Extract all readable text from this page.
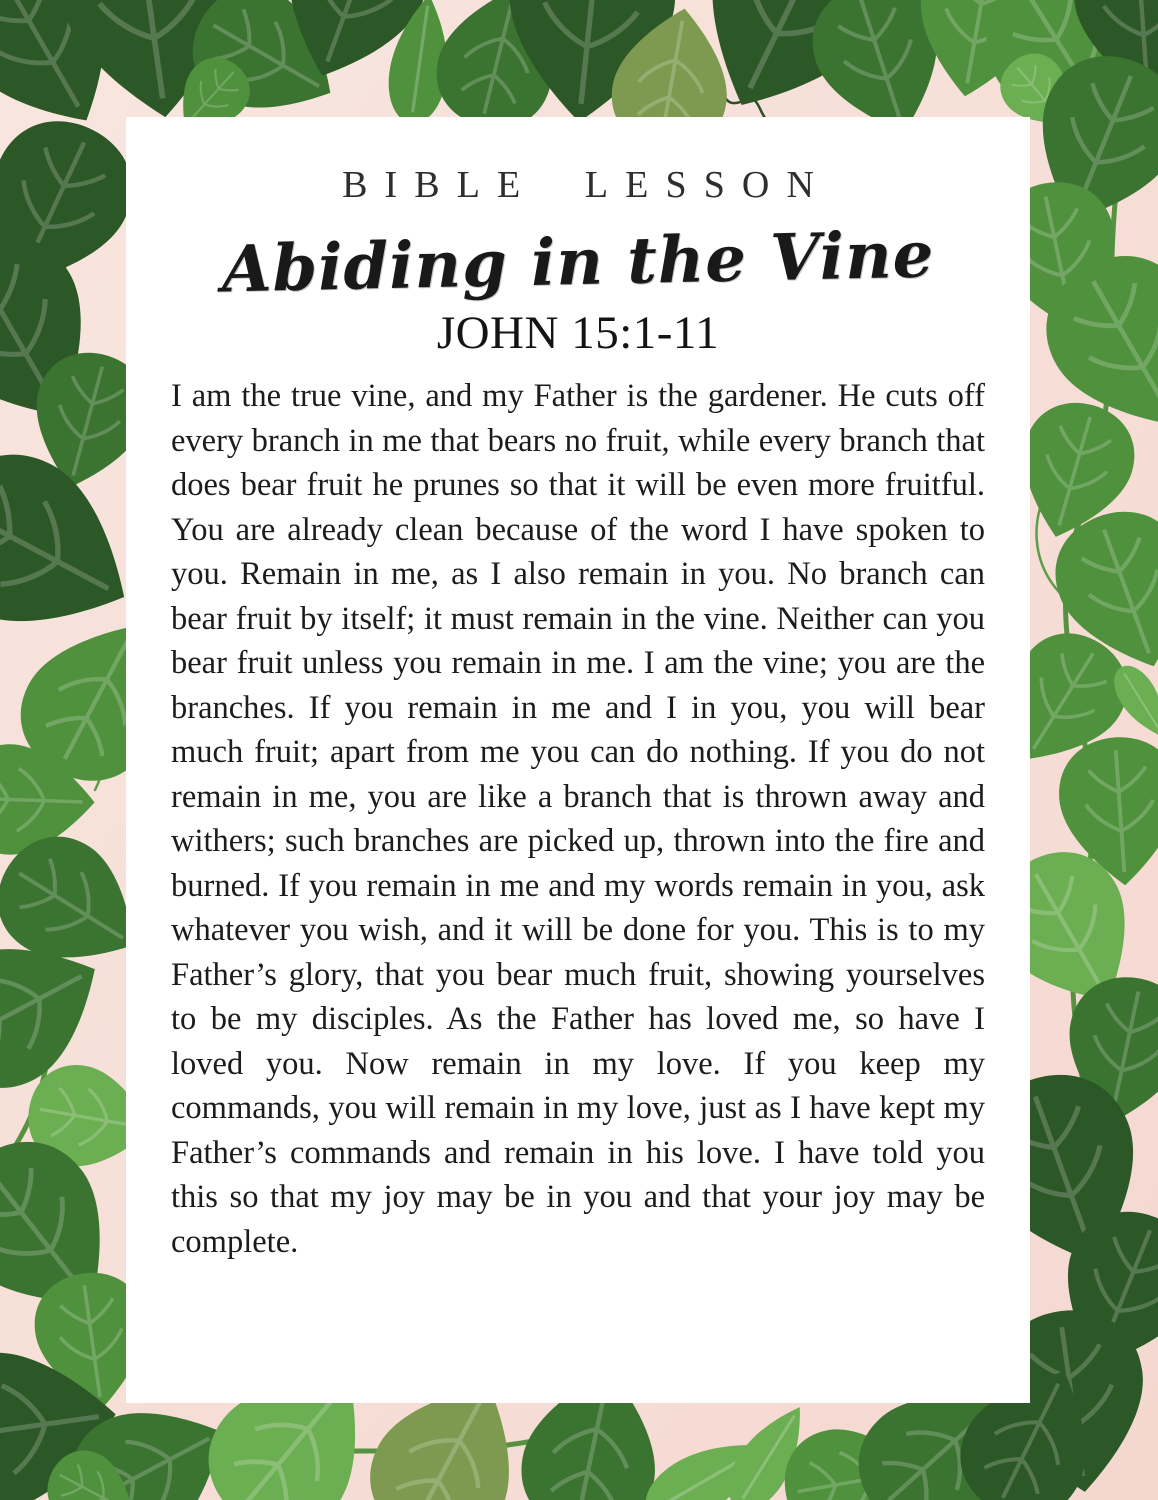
BIBLE LESSON
Abiding in the Vine
JOHN 15:1-11

I am the true vine, and my Father is the gardener. He cuts off every branch in me that bears no fruit, while every branch that does bear fruit he prunes so that it will be even more fruitful. You are already clean because of the word I have spoken to you. Remain in me, as I also remain in you. No branch can bear fruit by itself; it must remain in the vine. Neither can you bear fruit unless you remain in me. I am the vine; you are the branches. If you remain in me and I in you, you will bear much fruit; apart from me you can do nothing. If you do not remain in me, you are like a branch that is thrown away and withers; such branches are picked up, thrown into the fire and burned. If you remain in me and my words remain in you, ask whatever you wish, and it will be done for you. This is to my Father’s glory, that you bear much fruit, showing yourselves to be my disciples. As the Father has loved me, so have I loved you. Now remain in my love. If you keep my commands, you will remain in my love, just as I have kept my Father’s commands and remain in his love. I have told you this so that my joy may be in you and that your joy may be complete.
